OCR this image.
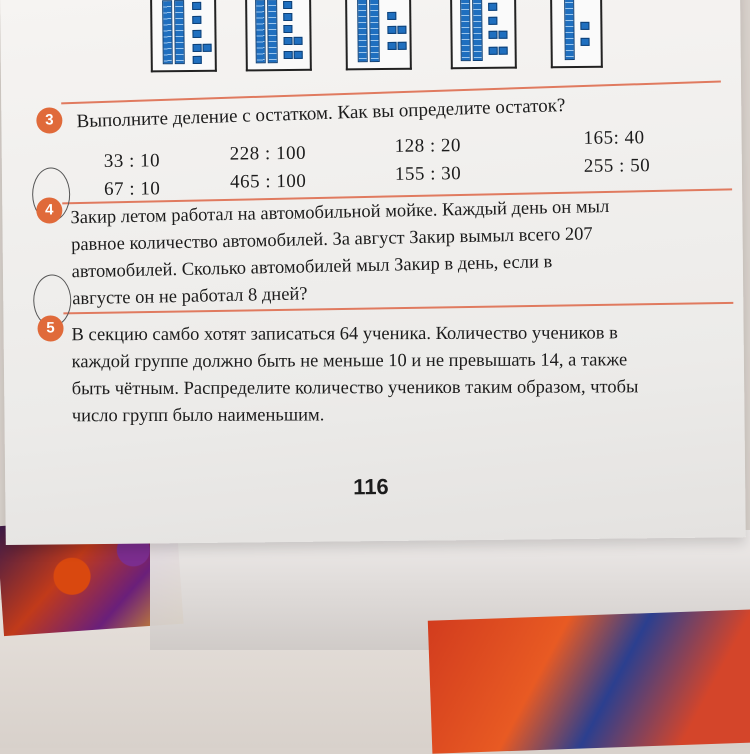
3	Выполните деление с остатком. Как вы определите остаток?
33 : 10
67 : 10
228 : 100
465 : 100
128 : 20
155 : 30
165: 40
255 : 50
4 Закир летом работал на автомобильной мойке. Каждый день он мыл
равное количество автомобилей. За август Закир вымыл всего 207
автомобилей. Сколько автомобилей мыл Закир в день, если в
августе он не работал 8 дней?
5 В секцию самбо хотят записаться 64 ученика. Количество учеников в
каждой группе должно быть не меньше 10 и не превышать 14, а также
быть чётным. Распределите количество учеников таким образом, чтобы
число групп было наименьшим.
116
